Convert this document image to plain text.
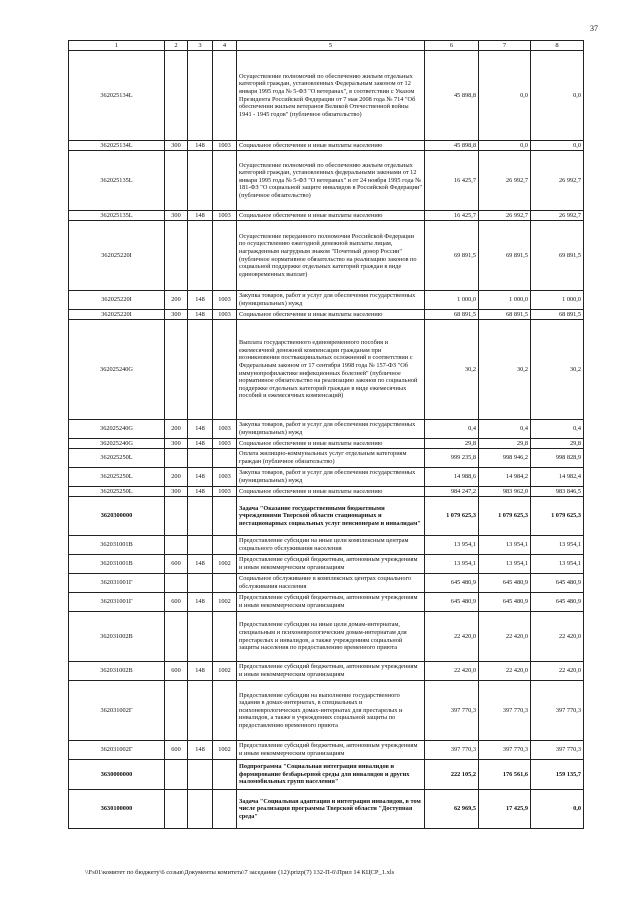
37
1	2	3	4	5	6	7	8
362025134L				Осуществление полномочий по обеспечению жильем отдельных категорий граждан, установленных Федеральным законом от 12 января 1995 года № 5-ФЗ "О ветеранах", в соответствии с Указом Президента Российской Федерации от 7 мая 2008 года № 714 "Об обеспечении жильем ветеранов Великой Отечественной войны 1941 - 1945 годов" (публичное обязательство)	45 898,8	0,0	0,0
362025134L	300	148	1003	Социальное обеспечение и иные выплаты населению	45 898,8	0,0	0,0
362025135L				Осуществление полномочий по обеспечению жильем отдельных категорий граждан, установленных федеральными законами от 12 января 1995 года № 5-ФЗ "О ветеранах" и от 24 ноября 1995 года № 181-ФЗ "О социальной защите инвалидов в Российской Федерации" (публичное обязательство)	16 425,7	26 992,7	26 992,7
362025135L	300	148	1003	Социальное обеспечение и иные выплаты населению	16 425,7	26 992,7	26 992,7
362025220I				Осуществление переданного полномочия Российской Федерации по осуществлению ежегодной денежной выплаты лицам, награжденным нагрудным знаком "Почетный донор России" (публичное нормативное обязательство на реализацию законов по социальной поддержке отдельных категорий граждан в виде единовременных выплат)	69 891,5	69 891,5	69 891,5
362025220I	200	148	1003	Закупка товаров, работ и услуг для обеспечения государственных (муниципальных) нужд	1 000,0	1 000,0	1 000,0
362025220I	300	148	1003	Социальное обеспечение и иные выплаты населению	68 891,5	68 891,5	68 891,5
362025240G				Выплата государственного единовременного пособия и ежемесячной денежной компенсации гражданам при возникновении поствакцинальных осложнений в соответствии с Федеральным законом от 17 сентября 1998 года № 157-ФЗ "Об иммунопрофилактике инфекционных болезней" (публичное нормативное обязательство на реализацию законов по социальной поддержке отдельных категорий граждан в виде ежемесячных пособий и ежемесячных компенсаций)	30,2	30,2	30,2
362025240G	200	148	1003	Закупка товаров, работ и услуг для обеспечения государственных (муниципальных) нужд	0,4	0,4	0,4
362025240G	300	148	1003	Социальное обеспечение и иные выплаты населению	29,8	29,8	29,8
362025250L				Оплата жилищно-коммунальных услуг отдельным категориям граждан (публичное обязательство)	999 235,8	998 946,2	998 828,9
362025250L	200	148	1003	Закупка товаров, работ и услуг для обеспечения государственных (муниципальных) нужд	14 988,6	14 984,2	14 982,4
362025250L	300	148	1003	Социальное обеспечение и иные выплаты населению	984 247,2	983 962,0	983 846,5
3620300000				Задача "Оказание государственными бюджетными учреждениями Тверской области стационарных и нестационарных социальных услуг пенсионерам и инвалидам"	1 079 625,3	1 079 625,3	1 079 625,3
362031001B				Предоставление субсидии на иные цели комплексным центрам социального обслуживания населения	13 954,1	13 954,1	13 954,1
362031001B	600	148	1002	Предоставление субсидий бюджетным, автономным учреждениям и иным некоммерческим организациям	13 954,1	13 954,1	13 954,1
362031001Г				Социальное обслуживание в комплексных центрах социального обслуживания населения	645 480,9	645 480,9	645 480,9
362031001Г	600	148	1002	Предоставление субсидий бюджетным, автономным учреждениям и иным некоммерческим организациям	645 480,9	645 480,9	645 480,9
362031002B				Предоставление субсидии на иные цели домам-интернатам, специальным и психоневрологическим домам-интернатам для престарелых и инвалидов, а также учреждениям социальной защиты населения по предоставлению временного приюта	22 420,0	22 420,0	22 420,0
362031002B	600	148	1002	Предоставление субсидий бюджетным, автономным учреждениям и иным некоммерческим организациям	22 420,0	22 420,0	22 420,0
362031002Г				Предоставление субсидии на выполнение государственного задания в домах-интернатах, в специальных и психоневрологических домах-интернатах для престарелых и инвалидов, а также в учреждениях социальной защиты по предоставлению временного приюта	397 770,3	397 770,3	397 770,3
362031002Г	600	148	1002	Предоставление субсидий бюджетным, автономным учреждениям и иным некоммерческим организациям	397 770,3	397 770,3	397 770,3
3630000000				Подпрограмма "Социальная интеграция инвалидов и формирование безбарьерной среды для инвалидов и других маломобильных групп населения"	222 105,2	176 561,6	159 135,7
3630100000				Задача "Социальная адаптация и интеграция инвалидов, в том числе реализация программы Тверской области "Доступная среда"	62 969,5	17 425,9	0,0
\\Fs01\комитет по бюджету\6 созыв\Документы комитета\7 заседание (12)\prizp(7) 132-П-6\Прил 14 КЦСР_1.xls
